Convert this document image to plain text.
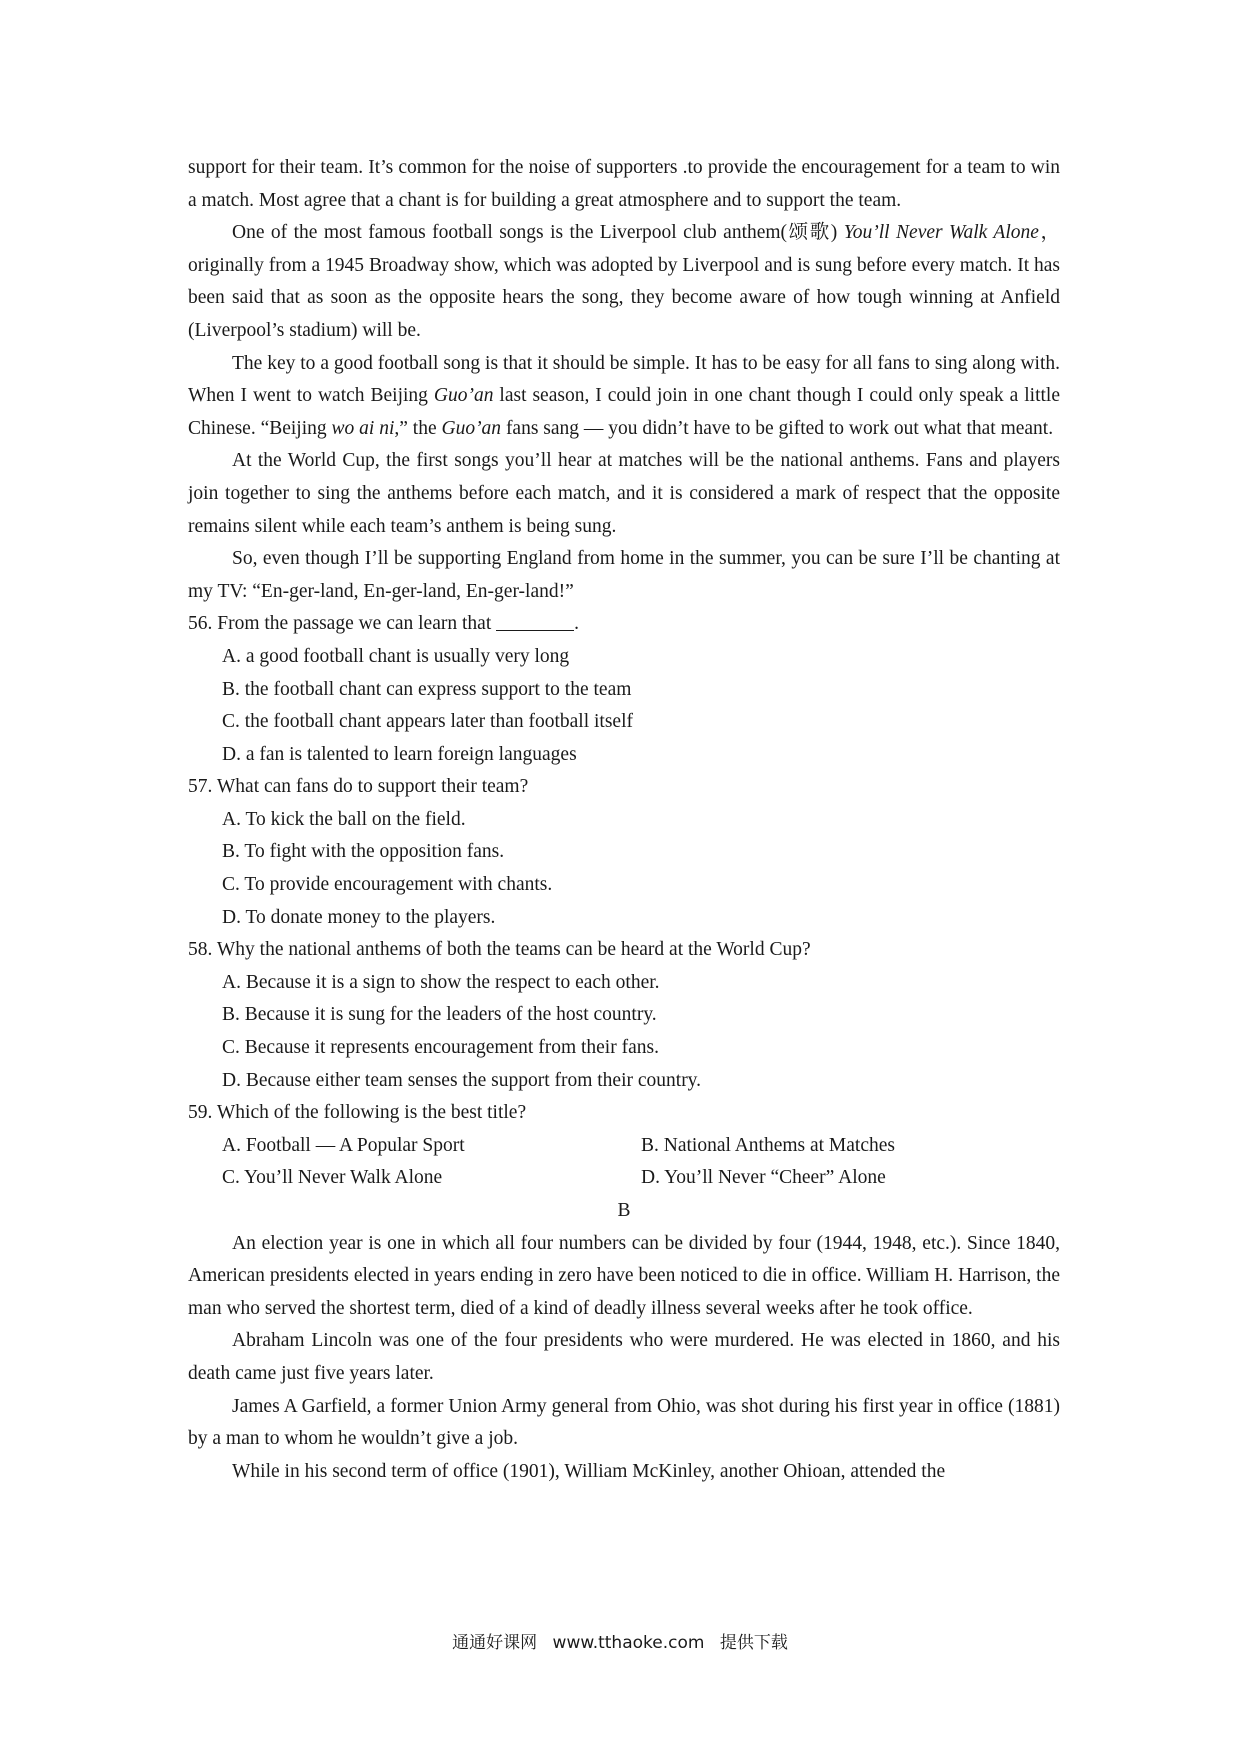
support for their team. It’s common for the noise of supporters .to provide the encouragement for a team to win a match. Most agree that a chant is for building a great atmosphere and to support the team.

One of the most famous football songs is the Liverpool club anthem(颂歌) You’ll Never Walk Alone，originally from a 1945 Broadway show, which was adopted by Liverpool and is sung before every match. It has been said that as soon as the opposite hears the song, they become aware of how tough winning at Anfield (Liverpool’s stadium) will be.

The key to a good football song is that it should be simple. It has to be easy for all fans to sing along with. When I went to watch Beijing Guo’an last season, I could join in one chant though I could only speak a little Chinese. “Beijing wo ai ni,” the Guo’an fans sang — you didn’t have to be gifted to work out what that meant.

At the World Cup, the first songs you’ll hear at matches will be the national anthems. Fans and players join together to sing the anthems before each match, and it is considered a mark of respect that the opposite remains silent while each team’s anthem is being sung.

So, even though I’ll be supporting England from home in the summer, you can be sure I’ll be chanting at my TV: “En-ger-land, En-ger-land, En-ger-land!”

56. From the passage we can learn that	.

A. a good football chant is usually very long

B. the football chant can express support to the team

C. the football chant appears later than football itself

D. a fan is talented to learn foreign languages

57. What can fans do to support their team?

A. To kick the ball on the field.

B. To fight with the opposition fans.

C. To provide encouragement with chants.

D. To donate money to the players.

58. Why the national anthems of both the teams can be heard at the World Cup?

A. Because it is a sign to show the respect to each other.

B. Because it is sung for the leaders of the host country.

C. Because it represents encouragement from their fans.

D. Because either team senses the support from their country.

59. Which of the following is the best title?

A. Football — A Popular Sport	B. National Anthems at Matches
C. You’ll Never Walk Alone	D. You’ll Never “Cheer” Alone

B

An election year is one in which all four numbers can be divided by four (1944, 1948, etc.). Since 1840, American presidents elected in years ending in zero have been noticed to die in office. William H. Harrison, the man who served the shortest term, died of a kind of deadly illness several weeks after he took office.

Abraham Lincoln was one of the four presidents who were murdered. He was elected in 1860, and his death came just five years later.

James A Garfield, a former Union Army general from Ohio, was shot during his first year in office (1881) by a man to whom he wouldn’t give a job.

While in his second term of office (1901), William McKinley, another Ohioan, attended the

通通好课网 www.tthaoke.com 提供下载
